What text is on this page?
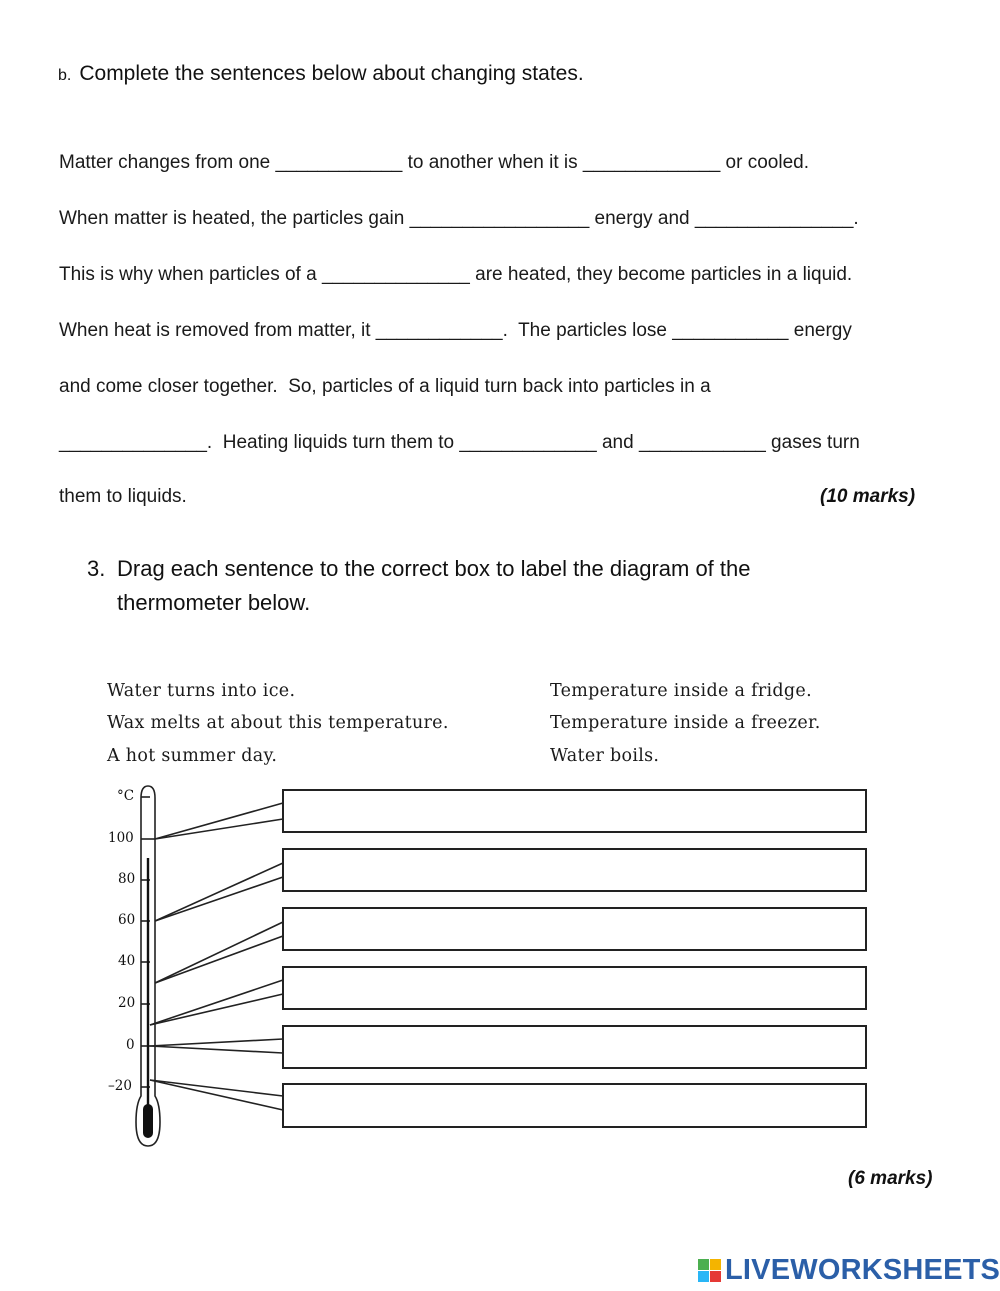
b. Complete the sentences below about changing states.
Matter changes from one ____________ to another when it is _____________ or cooled.
When matter is heated, the particles gain _________________ energy and _______________.
This is why when particles of a ______________ are heated, they become particles in a liquid.
When heat is removed from matter, it ____________.  The particles lose ___________ energy
and come closer together.  So, particles of a liquid turn back into particles in a
______________.  Heating liquids turn them to _____________ and ____________ gases turn
them to liquids.	(10 marks)
3. Drag each sentence to the correct box to label the diagram of the thermometer below.
Water turns into ice.
Wax melts at about this temperature.
A hot summer day.
Temperature inside a fridge.
Temperature inside a freezer.
Water boils.
°C
100
80
60
40
20
0
–20
(6 marks)
LIVEWORKSHEETS
